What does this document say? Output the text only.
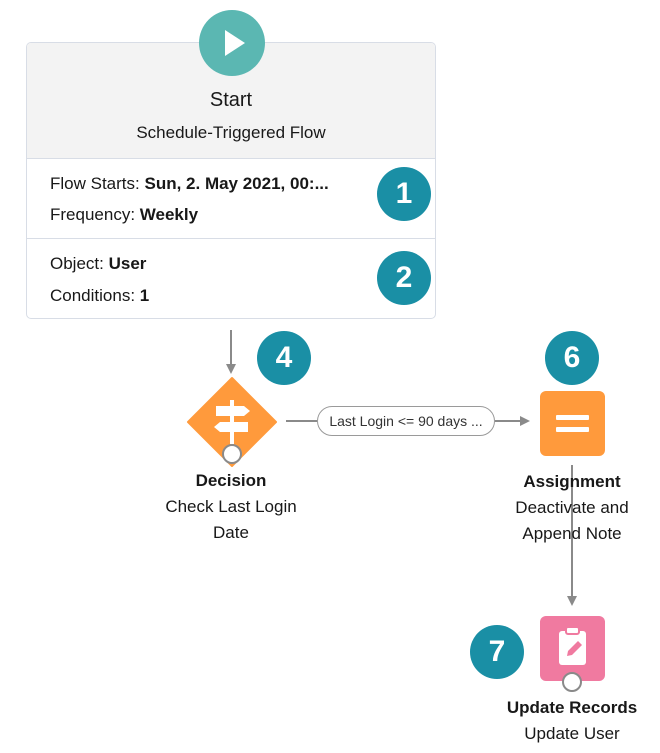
Start
Schedule-Triggered Flow
Flow Starts: Sun, 2. May 2021, 00:...
Frequency: Weekly
Object: User
Conditions: 1
1
2
4	6
7
Decision
Check Last Login
Date
Last Login <= 90 days ...
Assignment
Deactivate and
Append Note
Update Records
Update User
